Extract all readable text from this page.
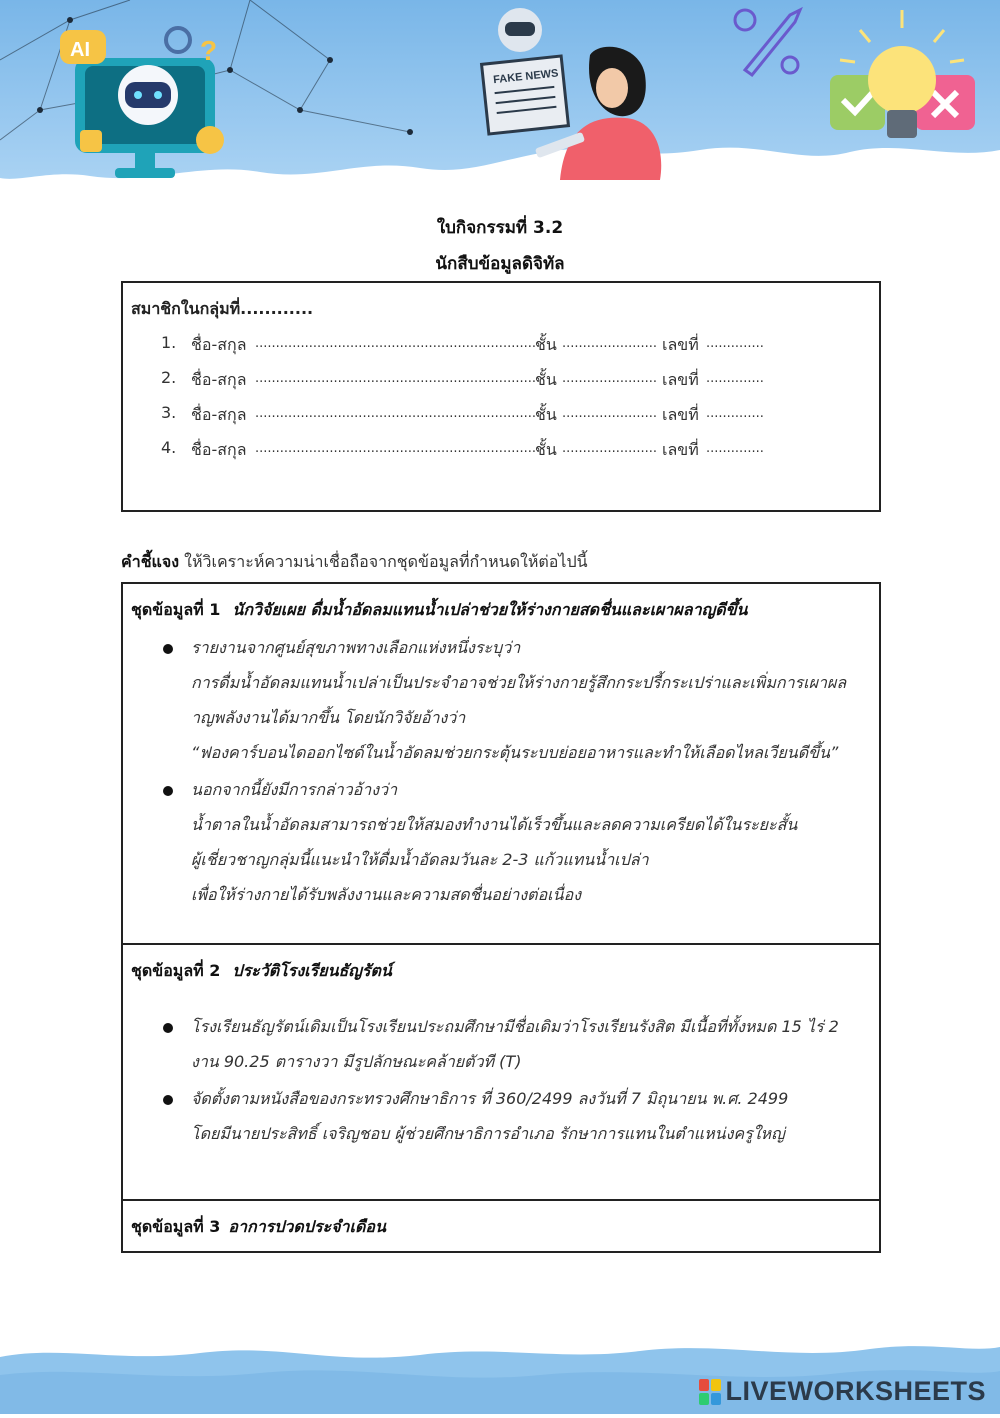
AI	?
FAKE NEWS
ใบกิจกรรมที่ 3.2
นักสืบข้อมูลดิจิทัล
สมาชิกในกลุ่มที่............
1. ชื่อ-สกุล .....................................................................
ชั้น ....................... เลขที่ ..............
2. ชื่อ-สกุล .....................................................................
ชั้น ....................... เลขที่ ..............
3. ชื่อ-สกุล .....................................................................
ชั้น ....................... เลขที่ ..............
4. ชื่อ-สกุล .....................................................................
ชั้น ....................... เลขที่ ..............
คำชี้แจง ให้วิเคราะห์ความน่าเชื่อถือจากชุดข้อมูลที่กำหนดให้ต่อไปนี้
ชุดข้อมูลที่ 1 นักวิจัยเผย ดื่มน้ำอัดลมแทนน้ำเปล่าช่วยให้ร่างกายสดชื่นและเผาผลาญดีขึ้น
รายงานจากศูนย์สุขภาพทางเลือกแห่งหนึ่งระบุว่า
การดื่มน้ำอัดลมแทนน้ำเปล่าเป็นประจำอาจช่วยให้ร่างกายรู้สึกกระปรี้กระเปร่าและเพิ่มการเผาผล
าญพลังงานได้มากขึ้น โดยนักวิจัยอ้างว่า
“ฟองคาร์บอนไดออกไซด์ในน้ำอัดลมช่วยกระตุ้นระบบย่อยอาหารและทำให้เลือดไหลเวียนดีขึ้น”
นอกจากนี้ยังมีการกล่าวอ้างว่า
น้ำตาลในน้ำอัดลมสามารถช่วยให้สมองทำงานได้เร็วขึ้นและลดความเครียดได้ในระยะสั้น
ผู้เชี่ยวชาญกลุ่มนี้แนะนำให้ดื่มน้ำอัดลมวันละ 2-3 แก้วแทนน้ำเปล่า
เพื่อให้ร่างกายได้รับพลังงานและความสดชื่นอย่างต่อเนื่อง
ชุดข้อมูลที่ 2 ประวัติโรงเรียนธัญรัตน์
โรงเรียนธัญรัตน์เดิมเป็นโรงเรียนประถมศึกษามีชื่อเดิมว่าโรงเรียนรังสิต มีเนื้อที่ทั้งหมด 15 ไร่ 2
งาน 90.25 ตารางวา มีรูปลักษณะคล้ายตัวที (T)
จัดตั้งตามหนังสือของกระทรวงศึกษาธิการ ที่ 360/2499 ลงวันที่ 7 มิถุนายน พ.ศ. 2499
โดยมีนายประสิทธิ์ เจริญชอบ ผู้ช่วยศึกษาธิการอำเภอ รักษาการแทนในตำแหน่งครูใหญ่
ชุดข้อมูลที่ 3 อาการปวดประจำเดือน
LIVEWORKSHEETS
